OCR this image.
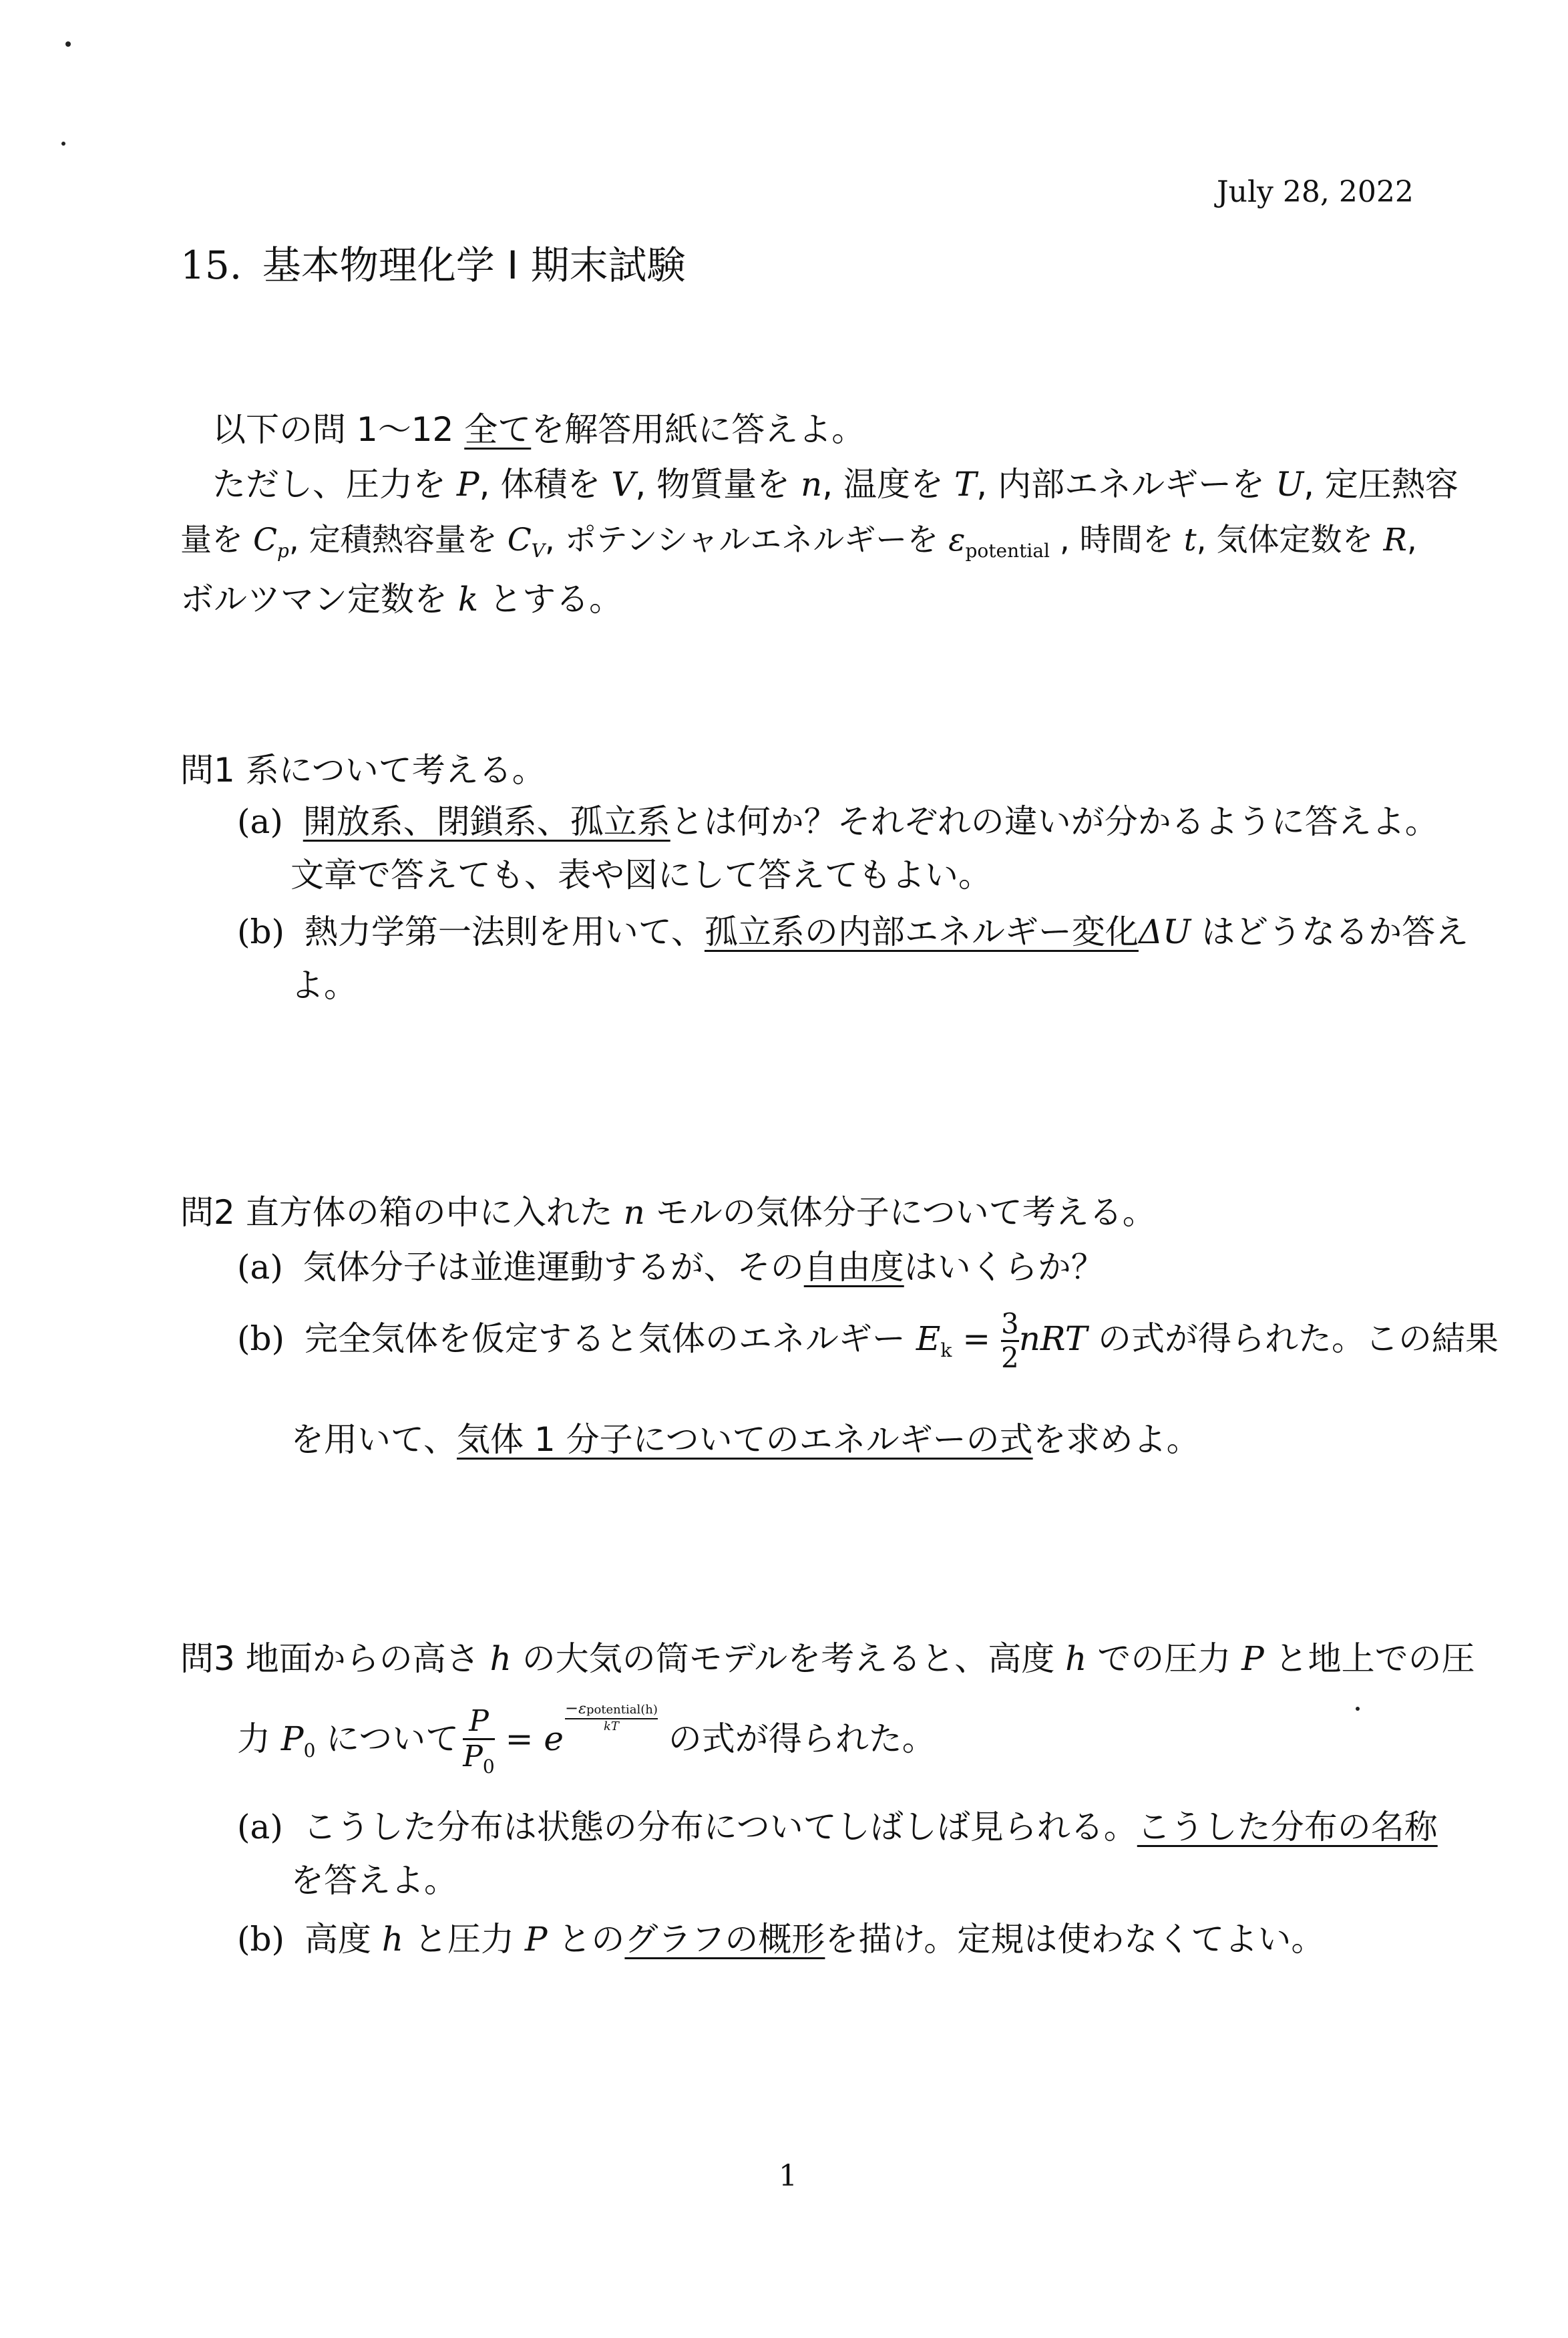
July 28, 2022
15. 基本物理化学 I 期末試験
以下の問 1〜12 全てを解答用紙に答えよ。
ただし、圧力を P, 体積を V, 物質量を n, 温度を T, 内部エネルギーを U, 定圧熱容
量を $C_p$, 定積熱容量を $C_V$, ポテンシャルエネルギーを $\varepsilon_{potential}$ , 時間を t, 気体定数を R,
ボルツマン定数を k とする。
問1 系について考える。
(a) 開放系、閉鎖系、孤立系とは何か？それぞれの違いが分かるように答えよ。
文章で答えても、表や図にして答えてもよい。
(b) 熱力学第一法則を用いて、孤立系の内部エネルギー変化ΔU はどうなるか答え
よ。
問2 直方体の箱の中に入れた n モルの気体分子について考える。
(a) 気体分子は並進運動するが、その自由度はいくらか？
(b) 完全気体を仮定すると気体のエネルギー $E_k = \frac{3}{2}$ nRT の式が得られた。この結果
を用いて、気体 1 分子についてのエネルギーの式を求めよ。
問3 地面からの高さ h の大気の筒モデルを考えると、高度 h での圧力 P と地上での圧
力 $P_0$ について $\frac{P}{P_0} = e$
$\frac{\text{−εpotential(h)}}{kT}$
の式が得られた。
(a) こうした分布は状態の分布についてしばしば見られる。こうした分布の名称
を答えよ。
(b) 高度 h と圧力 P とのグラフの概形を描け。定規は使わなくてよい。
1
